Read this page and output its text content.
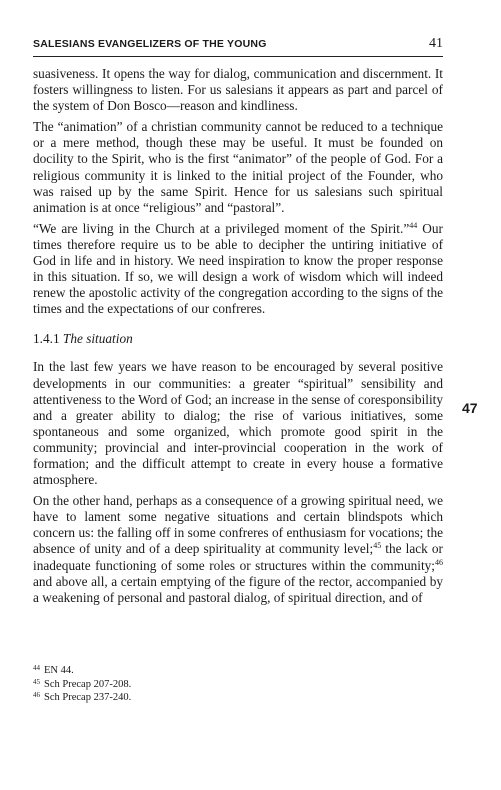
SALESIANS EVANGELIZERS OF THE YOUNG	41

suasiveness. It opens the way for dialog, communication and discernment. It fosters willingness to listen. For us salesians it appears as part and parcel of the system of Don Bosco—reason and kindliness.

The “animation” of a christian community cannot be reduced to a technique or a mere method, though these may be useful. It must be founded on docility to the Spirit, who is the first “animator” of the people of God. For a religious community it is linked to the initial project of the Founder, who was raised up by the same Spirit. Hence for us salesians such spiritual animation is at once “religious” and “pastoral”.

“We are living in the Church at a privileged moment of the Spirit.”$^{44}$ Our times therefore require us to be able to decipher the untiring initiative of God in life and in history. We need inspiration to know the proper response in this situation. If so, we will design a work of wisdom which will indeed renew the apostolic activity of the congregation according to the signs of the times and the expectations of our confreres.

1.4.1 The situation

In the last few years we have reason to be encouraged by several positive developments in our communities: a greater “spiritual” sensibility and attentiveness to the Word of God; an increase in the sense of coresponsibility and a greater ability to dialog; the rise of various initiatives, some spontaneous and some organized, which promote good spirit in the community; provincial and inter-provincial cooperation in the work of formation; and the difficult attempt to create in every house a formative atmosphere.

On the other hand, perhaps as a consequence of a growing spiritual need, we have to lament some negative situations and certain blindspots which concern us: the falling off in some confreres of enthusiasm for vocations; the absence of unity and of a deep spirituality at community level;$^{45}$ the lack or inadequate functioning of some roles or structures within the community;$^{46}$ and above all, a certain emptying of the figure of the rector, accompanied by a weakening of personal and pastoral dialog, of spiritual direction, and of

47
$^{44}$ EN 44.
$^{45}$ Sch Precap 207-208.
$^{46}$ Sch Precap 237-240.
